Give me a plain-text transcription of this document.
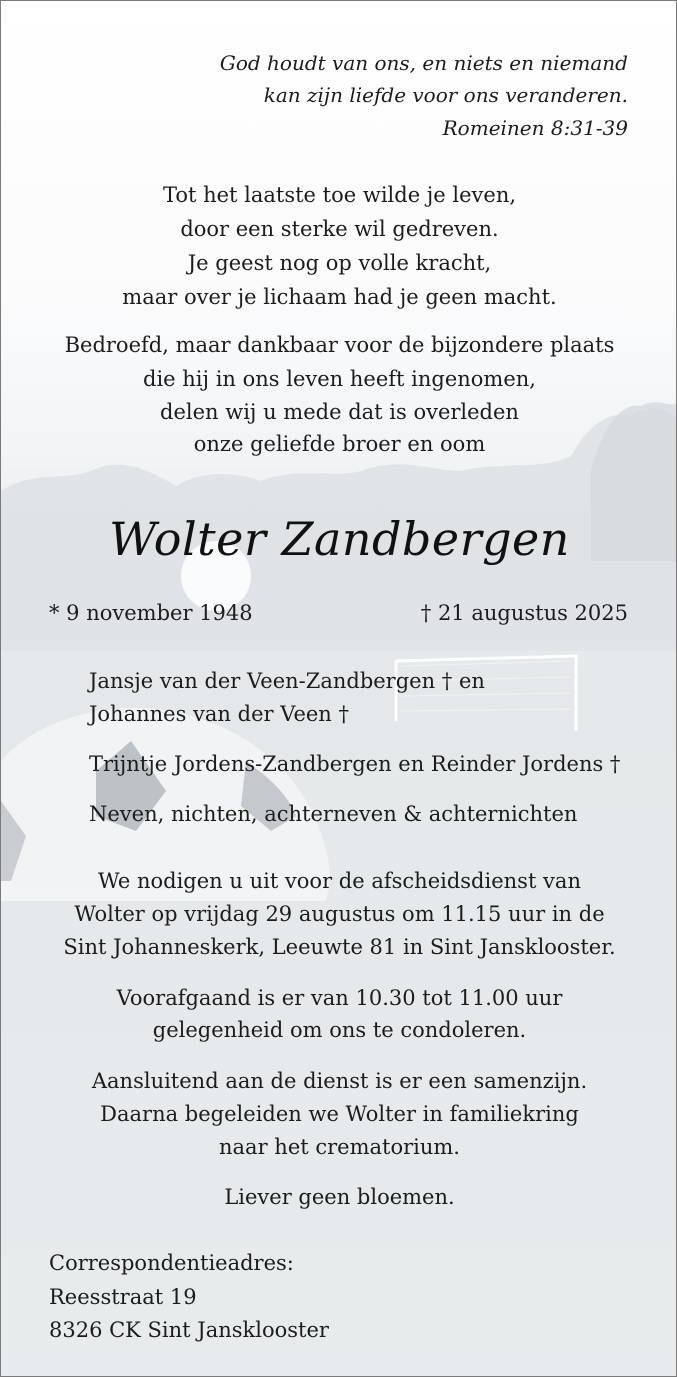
God houdt van ons, en niets en niemand
kan zijn liefde voor ons veranderen.
Romeinen 8:31-39
Tot het laatste toe wilde je leven,
door een sterke wil gedreven.
Je geest nog op volle kracht,
maar over je lichaam had je geen macht.
Bedroefd, maar dankbaar voor de bijzondere plaats
die hij in ons leven heeft ingenomen,
delen wij u mede dat is overleden
onze geliefde broer en oom
Wolter Zandbergen
* 9 november 1948	† 21 augustus 2025
Jansje van der Veen-Zandbergen † en
Johannes van der Veen †
Trijntje Jordens-Zandbergen en Reinder Jordens †
Neven, nichten, achterneven & achternichten
We nodigen u uit voor de afscheidsdienst van
Wolter op vrijdag 29 augustus om 11.15 uur in de
Sint Johanneskerk, Leeuwte 81 in Sint Jansklooster.
Voorafgaand is er van 10.30 tot 11.00 uur
gelegenheid om ons te condoleren.
Aansluitend aan de dienst is er een samenzijn.
Daarna begeleiden we Wolter in familiekring
naar het crematorium.
Liever geen bloemen.
Correspondentieadres:
Reesstraat 19
8326 CK Sint Jansklooster
